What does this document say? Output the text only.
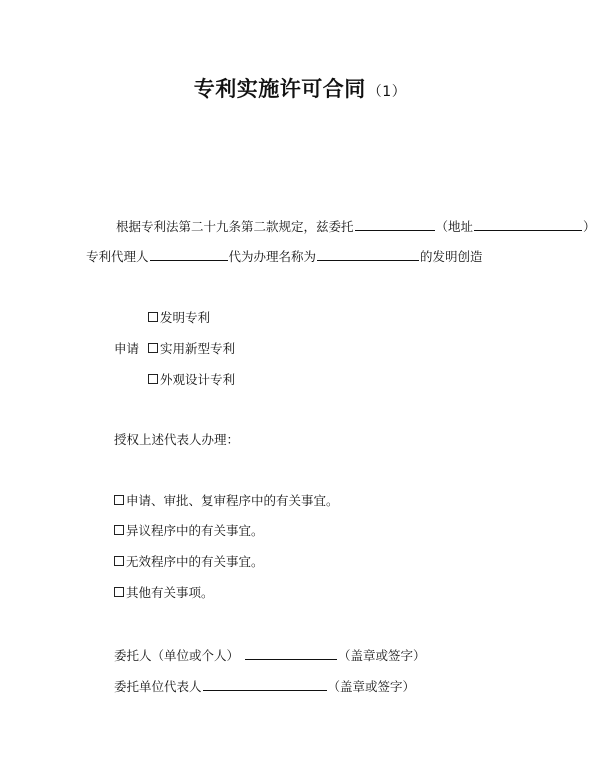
专利实施许可合同 （1）
根据专利法第二十九条第二款规定，兹委托	（地址	）
专利代理人	代为办理名称为	的发明创造
发明专利
申请	实用新型专利
外观设计专利
授权上述代表人办理：
申请、审批、复审程序中的有关事宜。
异议程序中的有关事宜。
无效程序中的有关事宜。
其他有关事项。
委托人（单位或个人）	（盖章或签字）
委托单位代表人	（盖章或签字）
